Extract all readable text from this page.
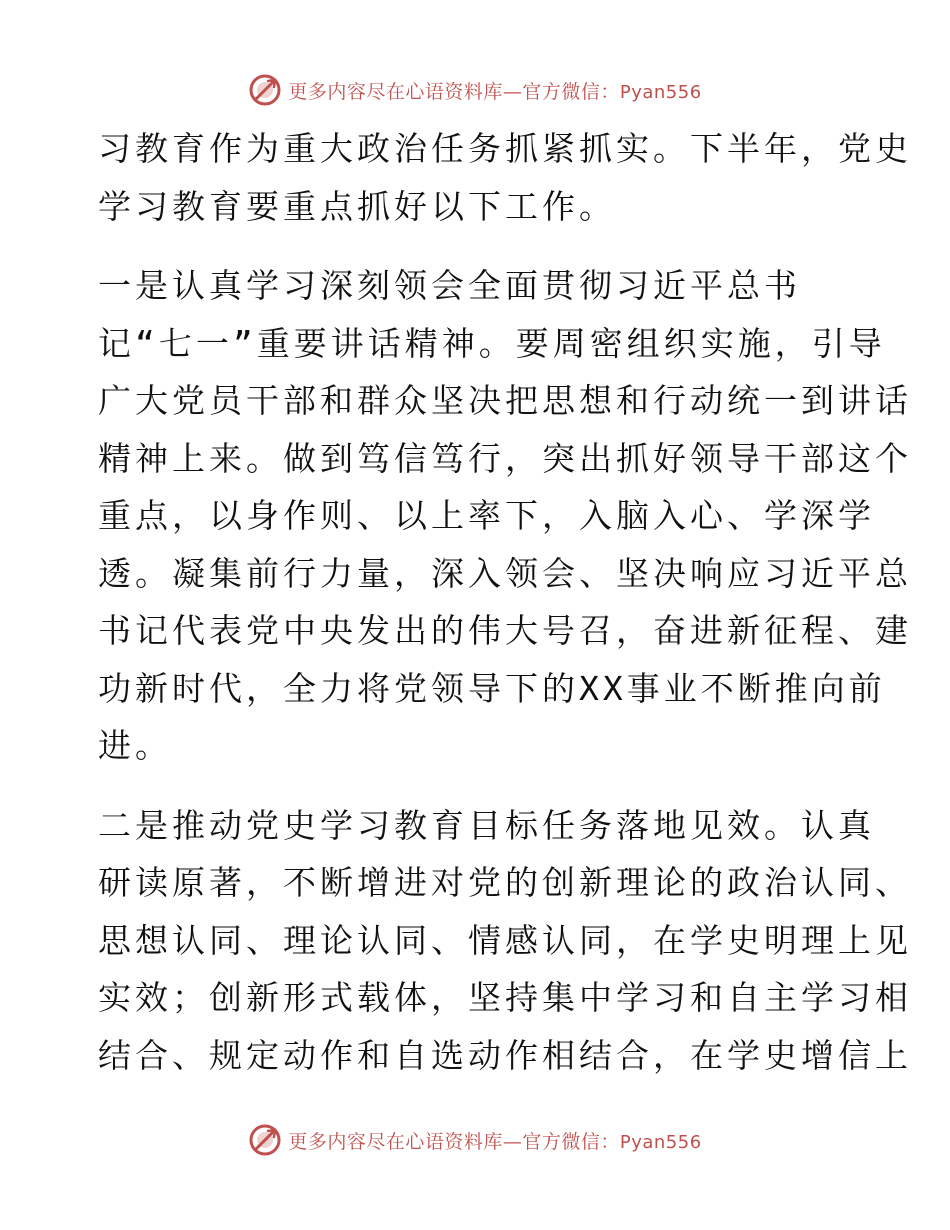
更多内容尽在心语资料库—官方微信：Pyan556
习教育作为重大政治任务抓紧抓实。下半年，党史
学习教育要重点抓好以下工作。
一是认真学习深刻领会全面贯彻习近平总书
记“七一”重要讲话精神。要周密组织实施，引导
广大党员干部和群众坚决把思想和行动统一到讲话
精神上来。做到笃信笃行，突出抓好领导干部这个
重点，以身作则、以上率下，入脑入心、学深学
透。凝集前行力量，深入领会、坚决响应习近平总
书记代表党中央发出的伟大号召，奋进新征程、建
功新时代，全力将党领导下的XX事业不断推向前
进。
二是推动党史学习教育目标任务落地见效。认真
研读原著，不断增进对党的创新理论的政治认同、
思想认同、理论认同、情感认同，在学史明理上见
实效；创新形式载体，坚持集中学习和自主学习相
结合、规定动作和自选动作相结合，在学史增信上
更多内容尽在心语资料库—官方微信：Pyan556
